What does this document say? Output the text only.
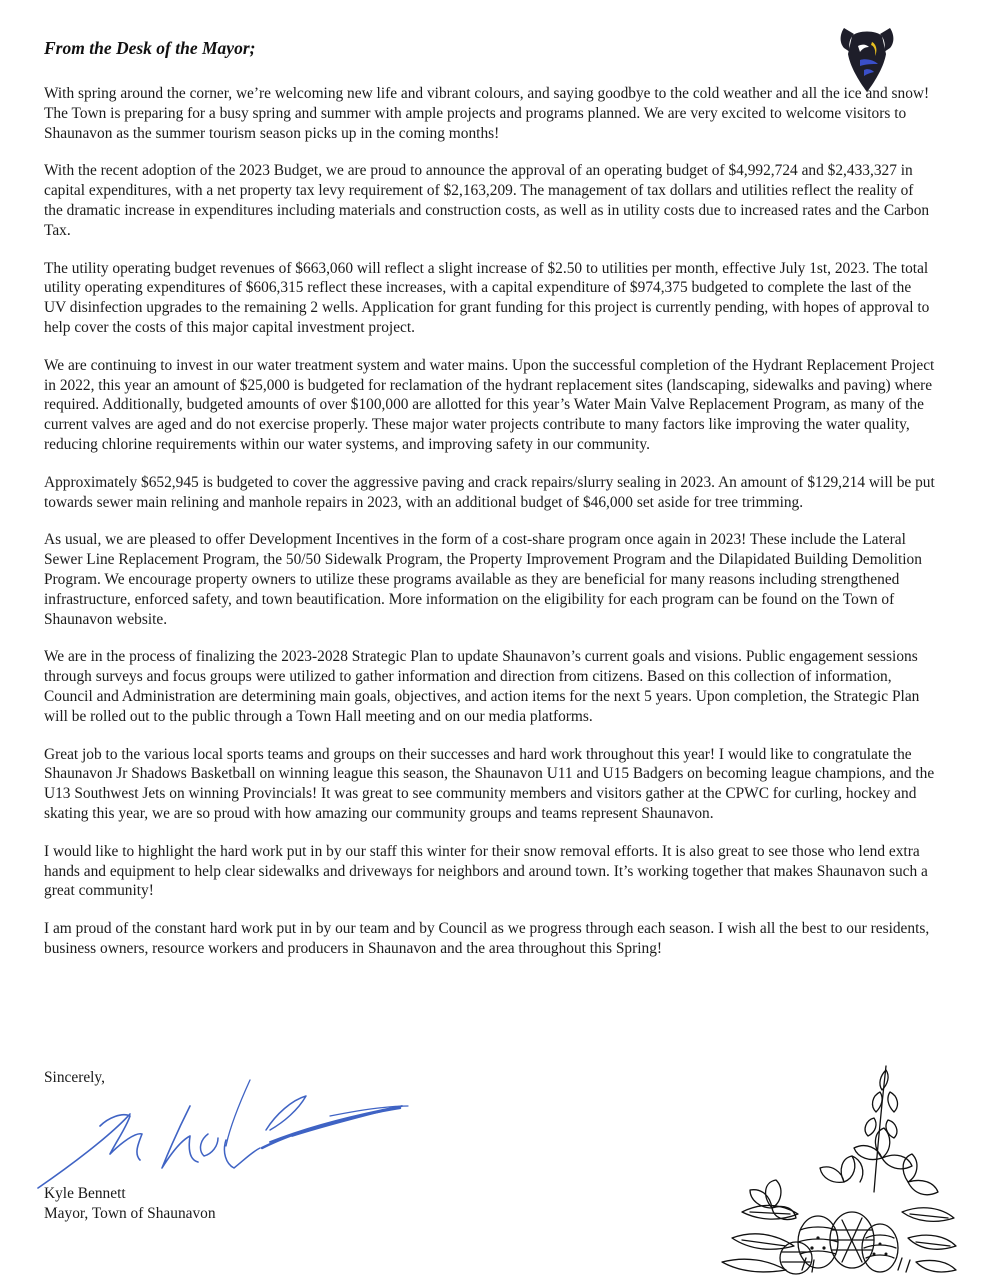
From the Desk of the Mayor;

With spring around the corner, we’re welcoming new life and vibrant colours, and saying goodbye to the cold weather and all the ice and snow! The Town is preparing for a busy spring and summer with ample projects and programs planned. We are very excited to welcome visitors to Shaunavon as the summer tourism season picks up in the coming months!

With the recent adoption of the 2023 Budget, we are proud to announce the approval of an operating budget of $4,992,724 and $2,433,327 in capital expenditures, with a net property tax levy requirement of $2,163,209. The management of tax dollars and utilities reflect the reality of the dramatic increase in expenditures including materials and construction costs, as well as in utility costs due to increased rates and the Carbon Tax.

The utility operating budget revenues of $663,060 will reflect a slight increase of $2.50 to utilities per month, effective July 1st, 2023. The total utility operating expenditures of $606,315 reflect these increases, with a capital expenditure of $974,375 budgeted to complete the last of the UV disinfection upgrades to the remaining 2 wells. Application for grant funding for this project is currently pending, with hopes of approval to help cover the costs of this major capital investment project.

We are continuing to invest in our water treatment system and water mains. Upon the successful completion of the Hydrant Replacement Project in 2022, this year an amount of $25,000 is budgeted for reclamation of the hydrant replacement sites (landscaping, sidewalks and paving) where required. Additionally, budgeted amounts of over $100,000 are allotted for this year’s Water Main Valve Replacement Program, as many of the current valves are aged and do not exercise properly. These major water projects contribute to many factors like improving the water quality, reducing chlorine requirements within our water systems, and improving safety in our community.

Approximately $652,945 is budgeted to cover the aggressive paving and crack repairs/slurry sealing in 2023. An amount of $129,214 will be put towards sewer main relining and manhole repairs in 2023, with an additional budget of $46,000 set aside for tree trimming.

As usual, we are pleased to offer Development Incentives in the form of a cost-share program once again in 2023! These include the Lateral Sewer Line Replacement Program, the 50/50 Sidewalk Program, the Property Improvement Program and the Dilapidated Building Demolition Program. We encourage property owners to utilize these programs available as they are beneficial for many reasons including strengthened infrastructure, enforced safety, and town beautification. More information on the eligibility for each program can be found on the Town of Shaunavon website.

We are in the process of finalizing the 2023-2028 Strategic Plan to update Shaunavon’s current goals and visions. Public engagement sessions through surveys and focus groups were utilized to gather information and direction from citizens. Based on this collection of information, Council and Administration are determining main goals, objectives, and action items for the next 5 years. Upon completion, the Strategic Plan will be rolled out to the public through a Town Hall meeting and on our media platforms.

Great job to the various local sports teams and groups on their successes and hard work throughout this year! I would like to congratulate the Shaunavon Jr Shadows Basketball on winning league this season, the Shaunavon U11 and U15 Badgers on becoming league champions, and the U13 Southwest Jets on winning Provincials! It was great to see community members and visitors gather at the CPWC for curling, hockey and skating this year, we are so proud with how amazing our community groups and teams represent Shaunavon.

I would like to highlight the hard work put in by our staff this winter for their snow removal efforts. It is also great to see those who lend extra hands and equipment to help clear sidewalks and driveways for neighbors and around town. It’s working together that makes Shaunavon such a great community!

I am proud of the constant hard work put in by our team and by Council as we progress through each season. I wish all the best to our residents, business owners, resource workers and producers in Shaunavon and the area throughout this Spring!

Sincerely,
Kyle Bennett
Mayor, Town of Shaunavon
